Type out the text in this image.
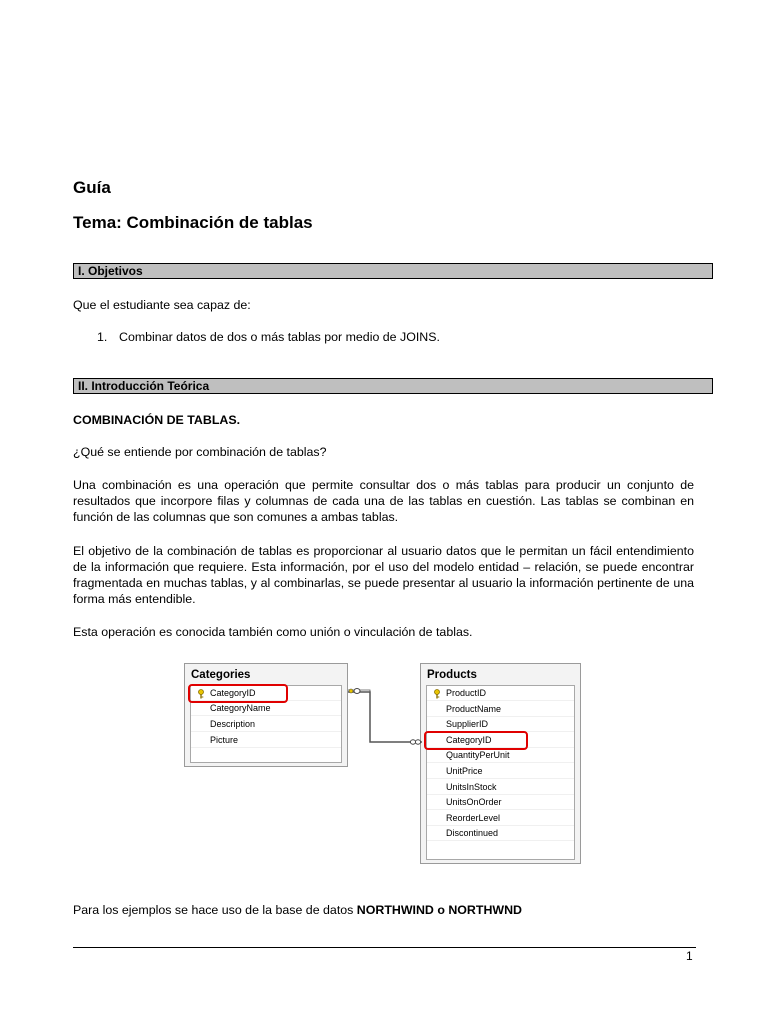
Guía
Tema: Combinación de tablas
I. Objetivos
Que el estudiante sea capaz de:
1. Combinar datos de dos o más tablas por medio de JOINS.
II. Introducción Teórica
COMBINACIÓN DE TABLAS.
¿Qué se entiende por combinación de tablas?
Una combinación es una operación que permite consultar dos o más tablas para producir un conjunto de resultados que incorpore filas y columnas de cada una de las tablas en cuestión. Las tablas se combinan en función de las columnas que son comunes a ambas tablas.
El objetivo de la combinación de tablas es proporcionar al usuario datos que le permitan un fácil entendimiento de la información que requiere. Esta información, por el uso del modelo entidad – relación, se puede encontrar fragmentada en muchas tablas, y al combinarlas, se puede presentar al usuario la información pertinente de una forma más entendible.
Esta operación es conocida también como unión o vinculación de tablas.
Categories
CategoryID
CategoryName
Description
Picture
Products
ProductID
ProductName
SupplierID
CategoryID
QuantityPerUnit
UnitPrice
UnitsInStock
UnitsOnOrder
ReorderLevel
Discontinued
Para los ejemplos se hace uso de la base de datos NORTHWIND o NORTHWND
1
